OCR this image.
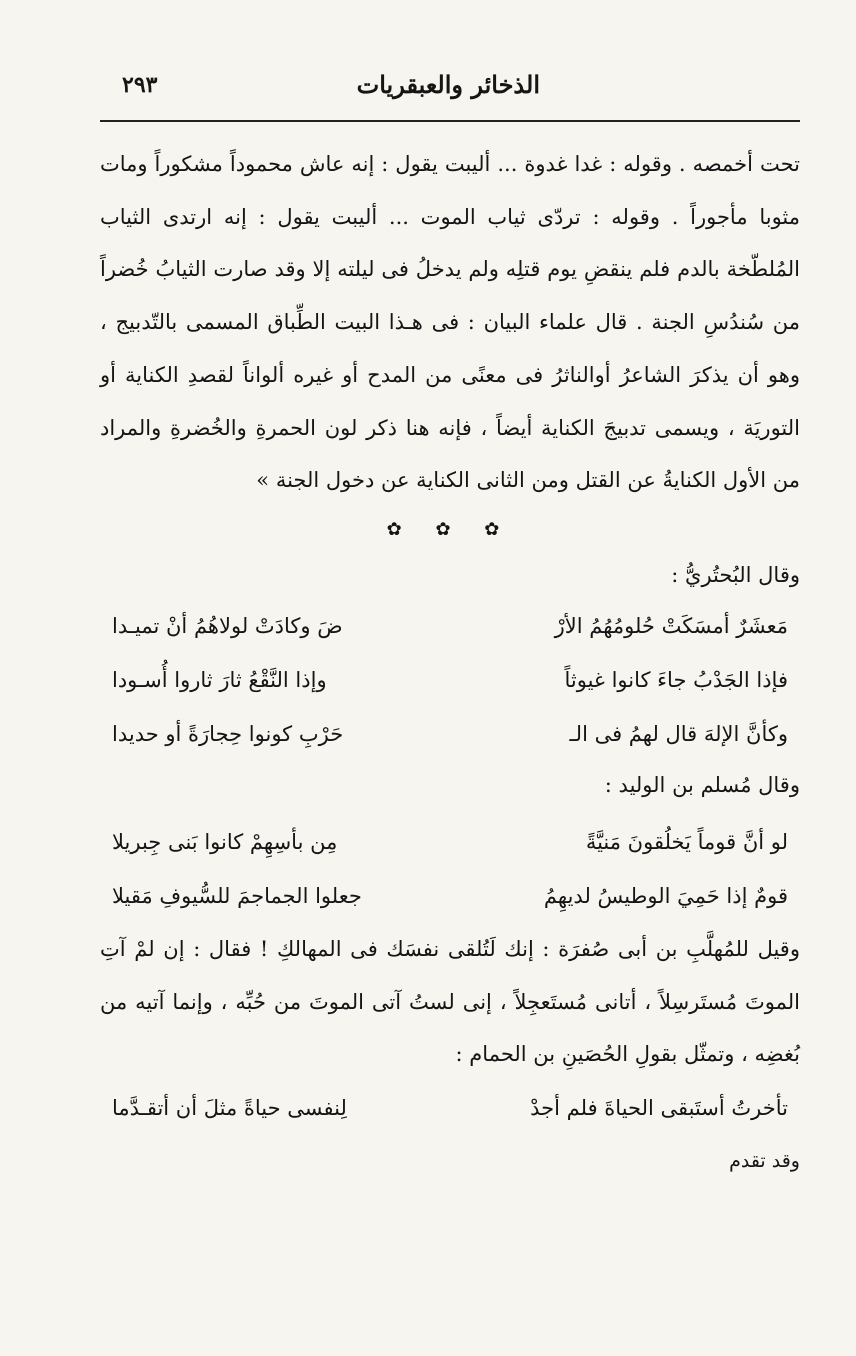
الذخائر والعبقريات
٢٩٣

تحت أخمصه . وقوله : غدا غدوة ... أليبت يقول : إنه عاش محموداً مشكوراً ومات مثوبا مأجوراً . وقوله : تردّى ثياب الموت ... أليبت يقول : إنه ارتدى الثياب المُلطّخة بالدم فلم ينقضِ يوم قتلِه ولم يدخلُ فى ليلته إلا وقد صارت الثيابُ خُضراً من سُندُسِ الجنة . قال علماء البيان : فى هـذا البيت الطِّباق المسمى بالتّدبيج ، وهو أن يذكرَ الشاعرُ أوالناثرُ فى معنًى من المدح أو غيره ألواناً لقصدِ الكناية أو التوريَة ، ويسمى تدبيجَ الكناية أيضاً ، فإنه هنا ذكر لون الحمرةِ والخُضرةِ والمراد من الأول الكنايةُ عن القتل ومن الثانى الكناية عن دخول الجنة »

✿ ✿ ✿

وقال البُحتُريُّ :

مَعشَرٌ أمسَكَتْ حُلومُهُمُ الأرْ
ضَ وكادَتْ لولاهُمُ أنْ تميـدا
فإذا الجَدْبُ جاءَ كانوا غيوثاً
وإذا النَّقْعُ ثارَ ثاروا أُسـودا
وكأنَّ الإلهَ قال لهمُ فى الـ
حَرْبِ كونوا حِجارَةً أو حديدا

وقال مُسلم بن الوليد :

لو أنَّ قوماً يَخلُقونَ مَنيَّةً
مِن بأسِهِمْ كانوا بَنى جِبريلا
قومٌ إذا حَمِيَ الوطيسُ لديهِمُ
جعلوا الجماجمَ للسُّيوفِ مَقيلا

وقيل للمُهلَّبِ بن أبى صُفرَة : إنك لَتُلقى نفسَك فى المهالكِ ! فقال : إن لمْ آتِ الموتَ مُستَرسِلاً ، أتانى مُستَعجِلاً ، إنى لستُ آتى الموتَ من حُبِّه ، وإنما آتيه من بُغضِه ، وتمثّل بقولِ الحُصَينِ بن الحمام :

تأخرتُ أستَبقى الحياةَ فلم أجدْ
لِنفسى حياةً مثلَ أن أتقـدَّما

وقد تقدم
